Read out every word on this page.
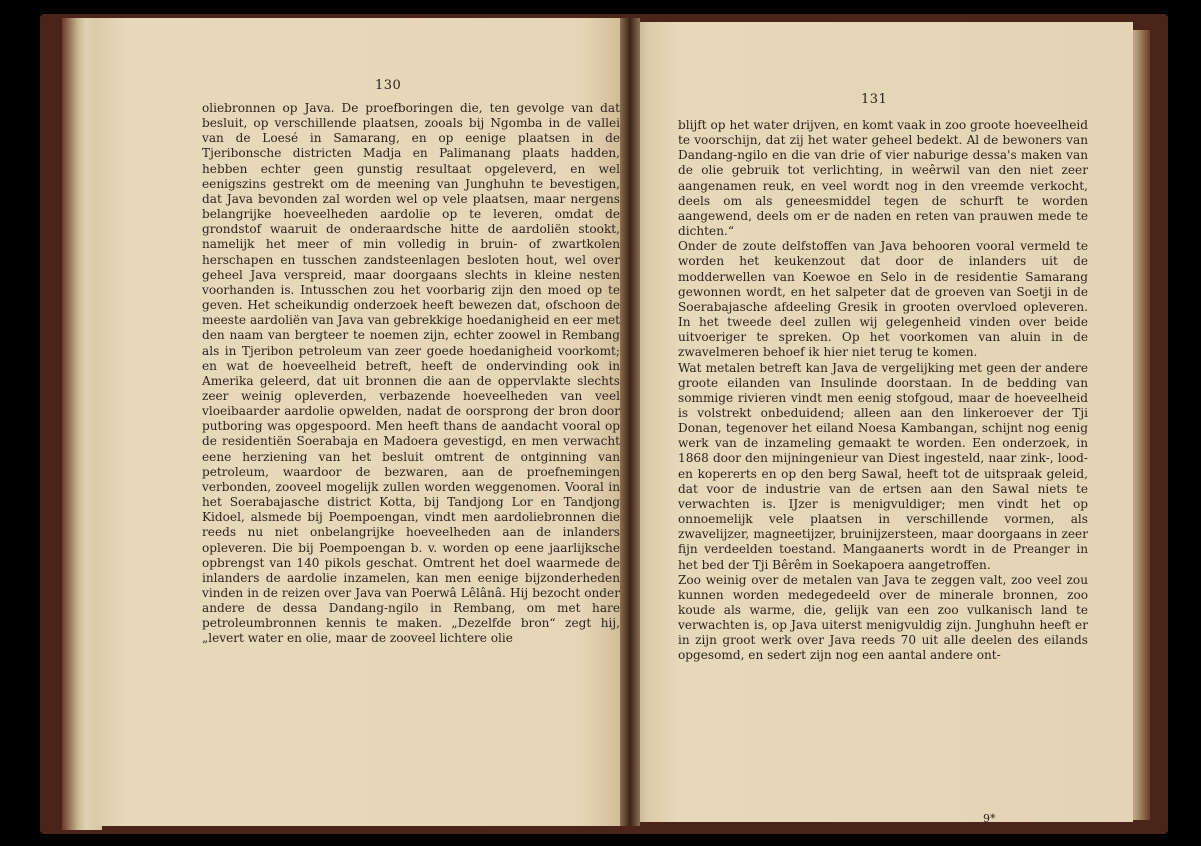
130
oliebronnen op Java. De proefboringen die, ten gevolge van dat besluit, op verschillende plaatsen, zooals bij Ngomba in de vallei van de Loesé in Samarang, en op eenige plaatsen in de Tjeribonsche districten Madja en Palimanang plaats hadden, hebben echter geen gunstig resultaat opgeleverd, en wel eenigszins gestrekt om de meening van Junghuhn te bevestigen, dat Java bevonden zal worden wel op vele plaatsen, maar nergens belangrijke hoeveelheden aardolie op te leveren, omdat de grondstof waaruit de onderaardsche hitte de aardoliën stookt, namelijk het meer of min volledig in bruin- of zwartkolen herschapen en tusschen zandsteenlagen besloten hout, wel over geheel Java verspreid, maar doorgaans slechts in kleine nesten voorhanden is. Intusschen zou het voorbarig zijn den moed op te geven. Het scheikundig onderzoek heeft bewezen dat, ofschoon de meeste aardoliën van Java van gebrekkige hoedanigheid en eer met den naam van bergteer te noemen zijn, echter zoowel in Rembang als in Tjeribon petroleum van zeer goede hoedanigheid voorkomt; en wat de hoeveelheid betreft, heeft de ondervinding ook in Amerika geleerd, dat uit bronnen die aan de oppervlakte slechts zeer weinig opleverden, verbazende hoeveelheden van veel vloeibaarder aardolie opwelden, nadat de oorsprong der bron door putboring was opgespoord. Men heeft thans de aandacht vooral op de residentiën Soerabaja en Madoera gevestigd, en men verwacht eene herziening van het besluit omtrent de ontginning van petroleum, waardoor de bezwaren, aan de proefnemingen verbonden, zooveel mogelijk zullen worden weggenomen. Vooral in het Soerabajasche district Kotta, bij Tandjong Lor en Tandjong Kidoel, alsmede bij Poempoengan, vindt men aardoliebronnen die reeds nu niet onbelangrijke hoeveelheden aan de inlanders opleveren. Die bij Poempoengan b. v. worden op eene jaarlijksche opbrengst van 140 pikols geschat. Omtrent het doel waarmede de inlanders de aardolie inzamelen, kan men eenige bijzonderheden vinden in de reizen over Java van Poerwâ Lêlânâ. Hij bezocht onder andere de dessa Dandang-ngilo in Rembang, om met hare petroleumbronnen kennis te maken. „Dezelfde bron“ zegt hij, „levert water en olie, maar de zooveel lichtere olie
131
blijft op het water drijven, en komt vaak in zoo groote hoeveelheid te voorschijn, dat zij het water geheel bedekt. Al de bewoners van Dandang-ngilo en die van drie of vier naburige dessa's maken van de olie gebruik tot verlichting, in weêrwil van den niet zeer aangenamen reuk, en veel wordt nog in den vreemde verkocht, deels om als geneesmiddel tegen de schurft te worden aangewend, deels om er de naden en reten van prauwen mede te dichten.“
Onder de zoute delfstoffen van Java behooren vooral vermeld te worden het keukenzout dat door de inlanders uit de modderwellen van Koewoe en Selo in de residentie Samarang gewonnen wordt, en het salpeter dat de groeven van Soetji in de Soerabajasche afdeeling Gresik in grooten overvloed opleveren. In het tweede deel zullen wij gelegenheid vinden over beide uitvoeriger te spreken. Op het voorkomen van aluin in de zwavelmeren behoef ik hier niet terug te komen.
Wat metalen betreft kan Java de vergelijking met geen der andere groote eilanden van Insulinde doorstaan. In de bedding van sommige rivieren vindt men eenig stofgoud, maar de hoeveelheid is volstrekt onbeduidend; alleen aan den linkeroever der Tji Donan, tegenover het eiland Noesa Kambangan, schijnt nog eenig werk van de inzameling gemaakt te worden. Een onderzoek, in 1868 door den mijningenieur van Diest ingesteld, naar zink-, lood- en kopererts en op den berg Sawal, heeft tot de uitspraak geleid, dat voor de industrie van de ertsen aan den Sawal niets te verwachten is. IJzer is menigvuldiger; men vindt het op onnoemelijk vele plaatsen in verschillende vormen, als zwavelijzer, magneetijzer, bruinijzersteen, maar doorgaans in zeer fijn verdeelden toestand. Mangaanerts wordt in de Preanger in het bed der Tji Bêrêm in Soekapoera aangetroffen.
Zoo weinig over de metalen van Java te zeggen valt, zoo veel zou kunnen worden medegedeeld over de minerale bronnen, zoo koude als warme, die, gelijk van een zoo vulkanisch land te verwachten is, op Java uiterst menigvuldig zijn. Junghuhn heeft er in zijn groot werk over Java reeds 70 uit alle deelen des eilands opgesomd, en sedert zijn nog een aantal andere ont-
9*
